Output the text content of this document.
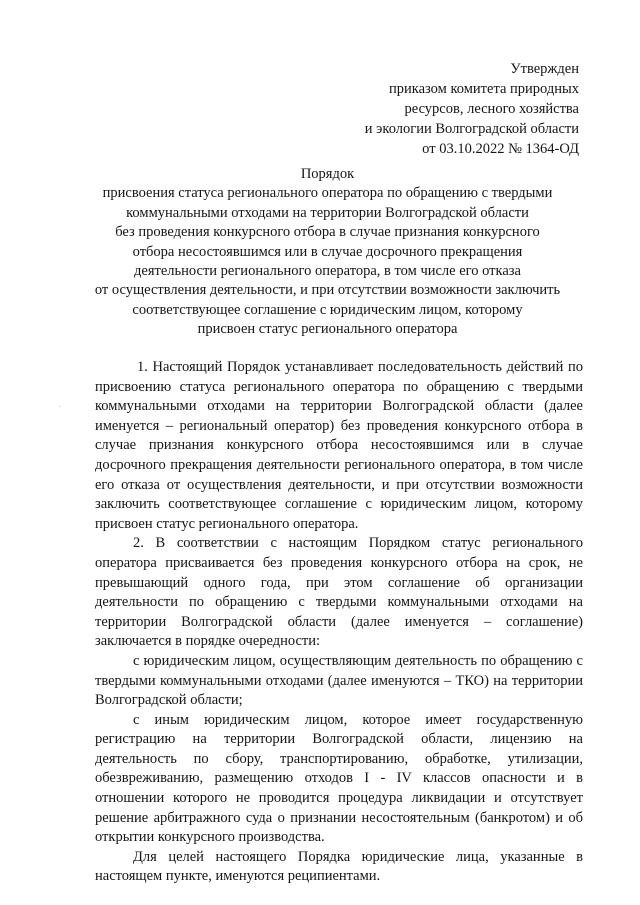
Утвержден
приказом комитета природных
ресурсов, лесного хозяйства
и экологии Волгоградской области
от 03.10.2022 № 1364-ОД
Порядок
присвоения статуса регионального оператора по обращению с твердыми
коммунальными отходами на территории Волгоградской области
без проведения конкурсного отбора в случае признания конкурсного
отбора несостоявшимся или в случае досрочного прекращения
деятельности регионального оператора, в том числе его отказа
от осуществления деятельности, и при отсутствии возможности заключить
соответствующее соглашение с юридическим лицом, которому
присвоен статус регионального оператора
·

1. Настоящий Порядок устанавливает последовательность действий по присвоению статуса регионального оператора по обращению с твердыми коммунальными отходами на территории Волгоградской области (далее именуется – региональный оператор) без проведения конкурсного отбора в случае признания конкурсного отбора несостоявшимся или в случае досрочного прекращения деятельности регионального оператора, в том числе его отказа от осуществления деятельности, и при отсутствии возможности заключить соответствующее соглашение с юридическим лицом, которому присвоен статус регионального оператора.

2. В соответствии с настоящим Порядком статус регионального оператора присваивается без проведения конкурсного отбора на срок, не превышающий одного года, при этом соглашение об организации деятельности по обращению с твердыми коммунальными отходами на территории Волгоградской области (далее именуется – соглашение) заключается в порядке очередности:

с юридическим лицом, осуществляющим деятельность по обращению с твердыми коммунальными отходами (далее именуются – ТКО) на территории Волгоградской области;

с иным юридическим лицом, которое имеет государственную регистрацию на территории Волгоградской области, лицензию на деятельность по сбору, транспортированию, обработке, утилизации, обезвреживанию, размещению отходов I - IV классов опасности и в отношении которого не проводится процедура ликвидации и отсутствует решение арбитражного суда о признании несостоятельным (банкротом) и об открытии конкурсного производства.

Для целей настоящего Порядка юридические лица, указанные в настоящем пункте, именуются реципиентами.
